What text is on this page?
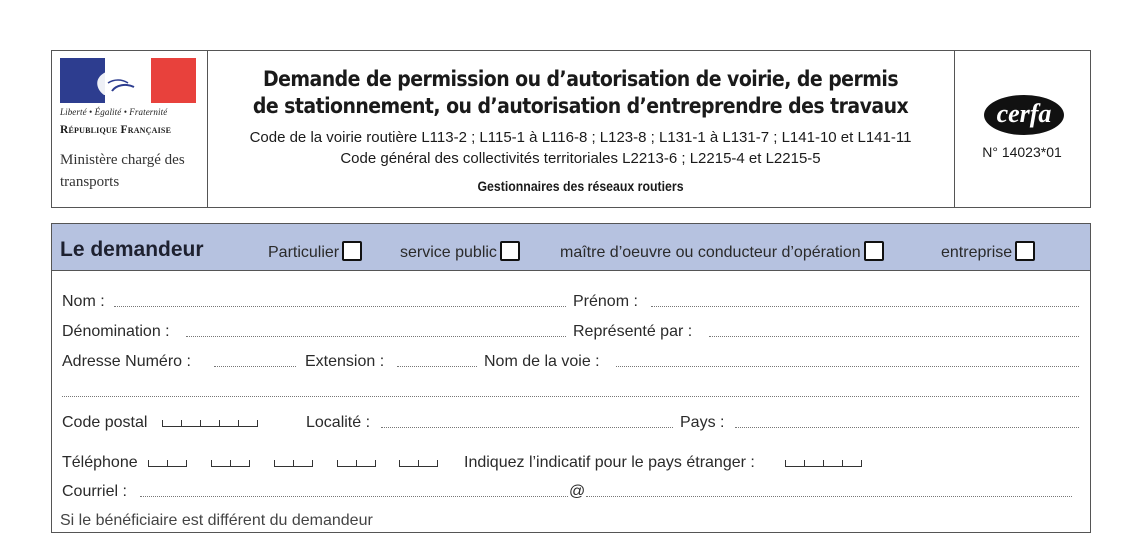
Liberté • Égalité • Fraternité
République Française
Ministère chargé des transports
Demande de permission ou d’autorisation de voirie, de permis
de stationnement, ou d’autorisation d’entreprendre des travaux
Code de la voirie routière L113-2 ; L115-1 à L116-8 ; L123-8 ; L131-1 à L131-7 ; L141-10 et L141-11
Code général des collectivités territoriales L2213-6 ; L2215-4 et L2215-5
Gestionnaires des réseaux routiers
cerfa
N° 14023*01
Le demandeur	Particulier	service public	maître d’oeuvre ou conducteur d’opération	entreprise
Nom :	Prénom :
Dénomination :	Représenté par :
Adresse Numéro :	Extension :	Nom de la voie :
Code postal	Localité :	Pays :
Téléphone	Indiquez l’indicatif pour le pays étranger :
Courriel :	@
Si le bénéficiaire est différent du demandeur
